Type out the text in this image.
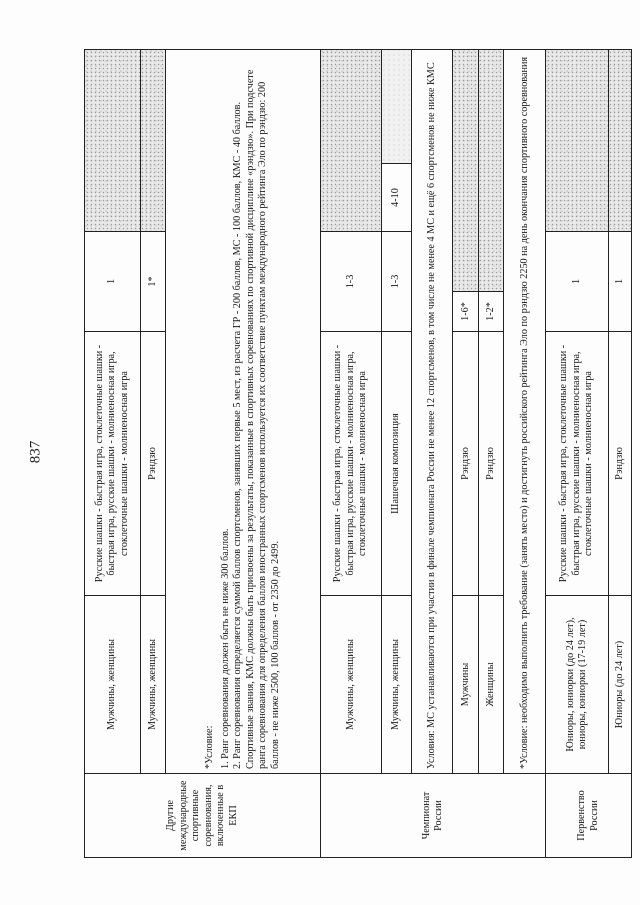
837
Другие международные спортивные соревнования, включенные в ЕКП	Мужчины, женщины	Русские шашки - быстрая игра, стоклеточные шашки - быстрая игра, русские шашки - молниеносная игра, стоклеточные шашки - молниеносная игра	1			
	Мужчины, женщины	Рэндзю	1*			

	*Условие: 1. Ранг соревнования должен быть не ниже 300 баллов. 2. Ранг соревнования определяется суммой баллов спортсменов, занявших первые 5 мест, из расчета ГР - 200 баллов, МС - 100 баллов, КМС - 40 баллов. Спортивные звания, КМС должны быть присвоены за результаты, показанные в спортивных соревнованиях по спортивной дисциплине «рэндзю». При подсчете ранга соревнования для определения баллов иностранных спортсменов используется их соответствие пунктам международного рейтинга Эло по рэндзю: 200 баллов - не ниже 2500, 100 баллов - от 2350 до 2499.					

Чемпионат России	Мужчины, женщины	Русские шашки - быстрая игра, стоклеточные шашки - быстрая игра, русские шашки - молниеносная игра, стоклеточные шашки - молниеносная игра	1-3			
	Мужчины, женщины	Шашечная композиция	1-3		4-10	
	Условия: МС устанавливаются при участии в финале чемпионата России не менее 12 спортсменов, в том числе не менее 4 МС и ещё 6 спортсменов не ниже КМС					
	Мужчины	Рэндзю	1-6*			
	Женщины	Рэндзю	1-2*			
	*Условие: необходимо выполнить требование (занять место) и достигнуть российского рейтинга Эло по рэндзю 2250 на день окончания спортивного соревнования					
Первенство России	Юниоры, юниорки (до 24 лет), юниоры, юниорки (17-19 лет)	Русские шашки - быстрая игра, стоклеточные шашки - быстрая игра, русские шашки - молниеносная игра, стоклеточные шашки - молниеносная игра	1			
	Юниоры (до 24 лет)	Рэндзю	1			
